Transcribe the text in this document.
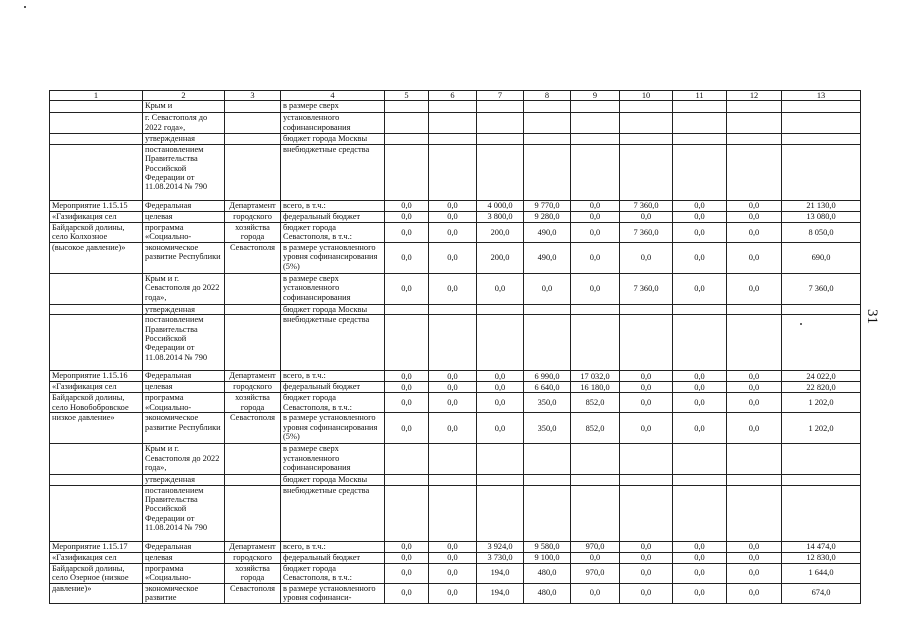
1	2	3	4	5	6	7	8	9	10	11	12	13
	Крым и		в размере сверх									
	г. Севастополя до 2022 года»,		установленного софинансирования									
	утвержденная		бюджет города Москвы									
	постановлением Правительства Российской Федерации от 11.08.2014 № 790		внебюджетные средства									
Мероприятие 1.15.15	Федеральная	Департамент	всего, в т.ч.:	0,0	0,0	4 000,0	9 770,0	0,0	7 360,0	0,0	0,0	21 130,0
«Газификация сел	целевая	городского	федеральный бюджет	0,0	0,0	3 800,0	9 280,0	0,0	0,0	0,0	0,0	13 080,0
Байдарской долины, село Колхозное	программа «Социально-	хозяйства города	бюджет города Севастополя, в т.ч.:	0,0	0,0	200,0	490,0	0,0	7 360,0	0,0	0,0	8 050,0
(высокое давление)»	экономическое развитие Республики	Севастополя	в размере установленного уровня софинансирования (5%)	0,0	0,0	200,0	490,0	0,0	0,0	0,0	0,0	690,0
	Крым и г. Севастополя до 2022 года»,		в размере сверх установленного софинансирования	0,0	0,0	0,0	0,0	0,0	7 360,0	0,0	0,0	7 360,0
	утвержденная		бюджет города Москвы									
	постановлением Правительства Российской Федерации от 11.08.2014 № 790		внебюджетные средства									
Мероприятие 1.15.16	Федеральная	Департамент	всего, в т.ч.:	0,0	0,0	0,0	6 990,0	17 032,0	0,0	0,0	0,0	24 022,0
«Газификация сел	целевая	городского	федеральный бюджет	0,0	0,0	0,0	6 640,0	16 180,0	0,0	0,0	0,0	22 820,0
Байдарской долины, село Новобобровское	программа «Социально-	хозяйства города	бюджет города Севастополя, в т.ч.:	0,0	0,0	0,0	350,0	852,0	0,0	0,0	0,0	1 202,0
низкое давление»	экономическое развитие Республики	Севастополя	в размере установленного уровня софинансирования (5%)	0,0	0,0	0,0	350,0	852,0	0,0	0,0	0,0	1 202,0
	Крым и г. Севастополя до 2022 года»,		в размере сверх установленного софинансирования									
	утвержденная		бюджет города Москвы									
	постановлением Правительства Российской Федерации от 11.08.2014 № 790		внебюджетные средства									
Мероприятие 1.15.17	Федеральная	Департамент	всего, в т.ч.:	0,0	0,0	3 924,0	9 580,0	970,0	0,0	0,0	0,0	14 474,0
«Газификация сел	целевая	городского	федеральный бюджет	0,0	0,0	3 730,0	9 100,0	0,0	0,0	0,0	0,0	12 830,0
Байдарской долины, село Озерное (низкое	программа «Социально-	хозяйства города	бюджет города Севастополя, в т.ч.:	0,0	0,0	194,0	480,0	970,0	0,0	0,0	0,0	1 644,0
давление)»	экономическое развитие	Севастополя	в размере установленного уровня софинанси-	0,0	0,0	194,0	480,0	0,0	0,0	0,0	0,0	674,0
31
